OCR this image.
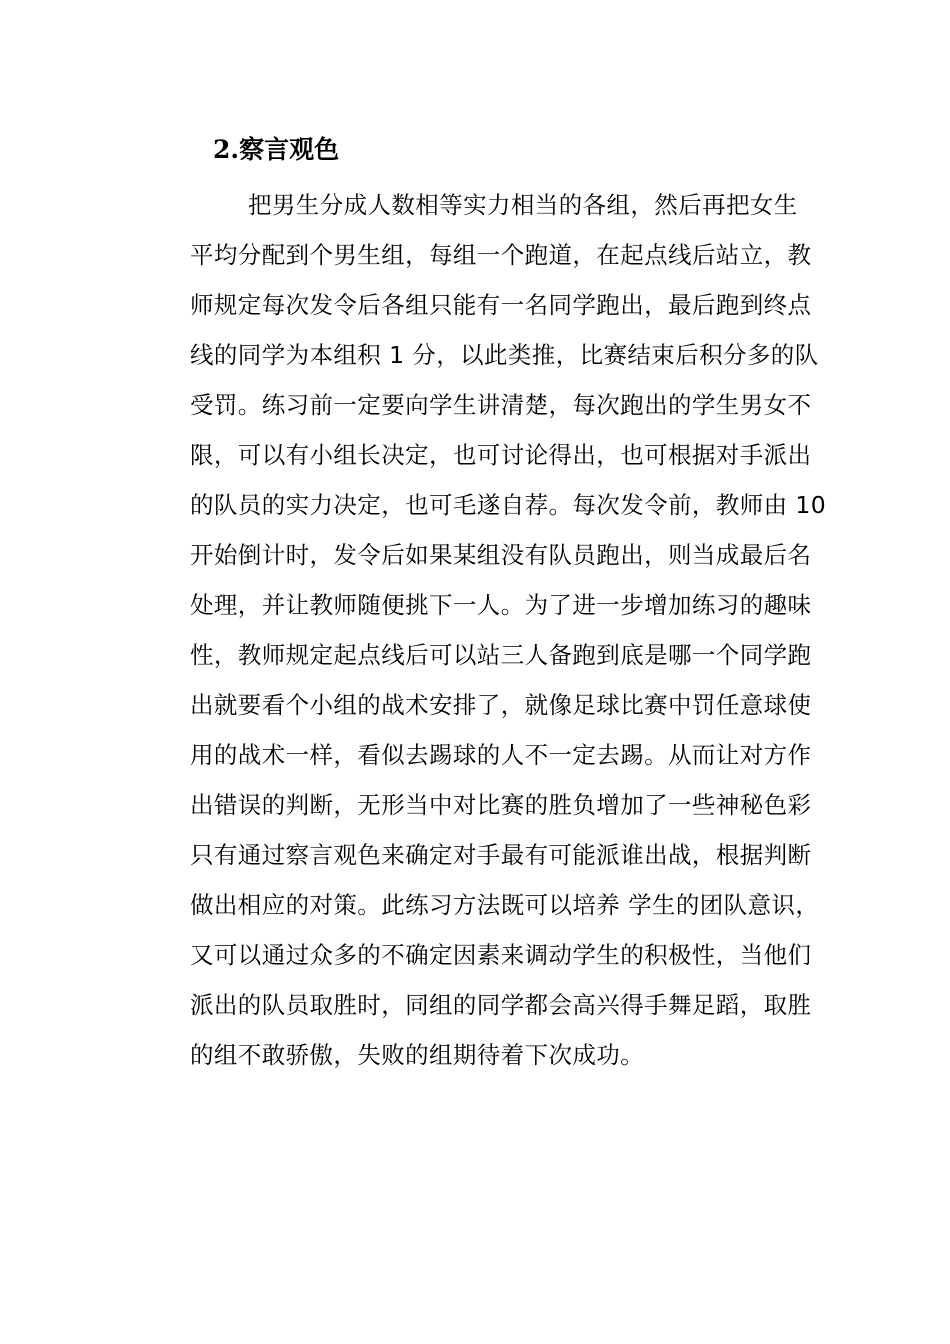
2.察言观色
把男生分成人数相等实力相当的各组，然后再把女生
平均分配到个男生组，每组一个跑道，在起点线后站立，教
师规定每次发令后各组只能有一名同学跑出，最后跑到终点
线的同学为本组积 1 分，以此类推，比赛结束后积分多的队
受罚。练习前一定要向学生讲清楚，每次跑出的学生男女不
限，可以有小组长决定，也可讨论得出，也可根据对手派出
的队员的实力决定，也可毛遂自荐。每次发令前，教师由 10
开始倒计时，发令后如果某组没有队员跑出，则当成最后名
处理，并让教师随便挑下一人。为了进一步增加练习的趣味
性，教师规定起点线后可以站三人备跑到底是哪一个同学跑
出就要看个小组的战术安排了，就像足球比赛中罚任意球使
用的战术一样，看似去踢球的人不一定去踢。从而让对方作
出错误的判断，无形当中对比赛的胜负增加了一些神秘色彩
只有通过察言观色来确定对手最有可能派谁出战，根据判断
做出相应的对策。此练习方法既可以培养 学生的团队意识，
又可以通过众多的不确定因素来调动学生的积极性，当他们
派出的队员取胜时，同组的同学都会高兴得手舞足蹈，取胜
的组不敢骄傲，失败的组期待着下次成功。
